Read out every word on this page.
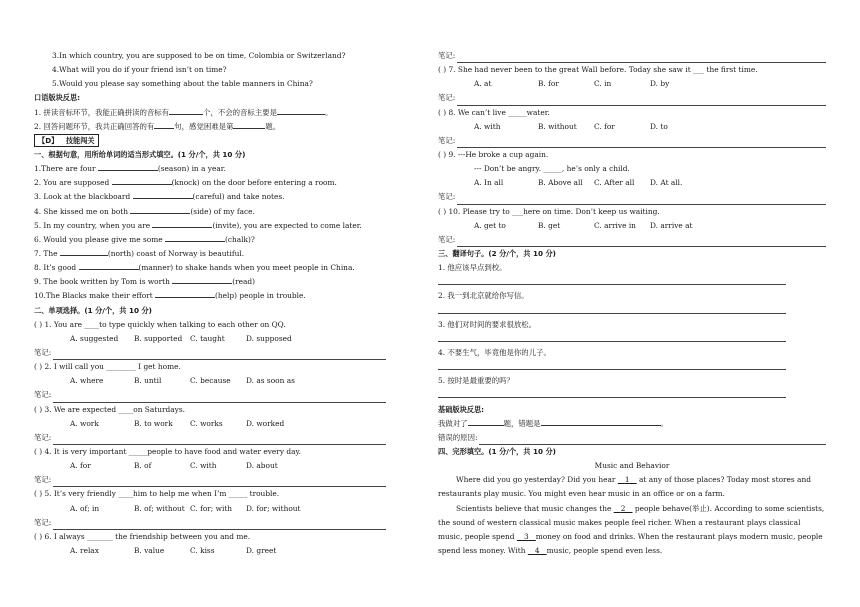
3.In which country, you are supposed to be on time, Colombia or Switzerland?
4.What will you do if your friend isn’t on time?
5.Would you please say something about the table manners in China?
口语版块反思:
1. 拼读音标环节，我能正确拼读的音标有	个，不会的音标主要是	。
2. 回答问题环节，我共正确回答的有	句，感觉困难是第	题。
【D】 技能闯关
一、根据句意，用所给单词的适当形式填空。(1 分/个，共 10 分)
1.There are four	(season) in a year.
2. You are supposed	(knock) on the door before entering a room.
3. Look at the blackboard	(careful) and take notes.
4. She kissed me on both	(side) of my face.
5. In my country, when you are	(invite), you are expected to come later.
6. Would you please give me some	(chalk)?
7. The	(north) coast of Norway is beautiful.
8. It’s good	(manner) to shake hands when you meet people in China.
9. The book written by Tom is worth	(read)
10.The Blacks make their effort	(help) people in trouble.
二、单项选择。(1 分/个，共 10 分)
( ) 1. You are ____to type quickly when talking to each other on QQ.
A. suggested	B. supported	C. taught	D. supposed
笔记:
( ) 2. I will call you ________ I get home.
A. where	B. until	C. because	D. as soon as
笔记:
( ) 3. We are expected ____on Saturdays.
A. work	B. to work	C. works	D. worked
笔记:
( ) 4. It is very important _____people to have food and water every day.
A. for	B. of	C. with	D. about
笔记:
( ) 5. It’s very friendly ____him to help me when I’m _____ trouble.
A. of; in	B. of; without C. for; with	D. for; without
笔记:
( ) 6. I always _______ the friendship between you and me.
A. relax	B. value	C. kiss	D. greet
笔记:
( ) 7. She had never been to the great Wall before. Today she saw it ___ the first time.
A. at	B. for	C. in	D. by
笔记:
( ) 8. We can’t live _____water.
A. with	B. without	C. for	D. to
笔记:
( ) 9. ---He broke a cup again.
--- Don’t be angry. _____, he’s only a child.
A. In all	B. Above all	C. After all	D. At all.
笔记:
( ) 10. Please try to ___here on time. Don’t keep us waiting.
A. get to	B. get	C. arrive in	D. arrive at
笔记:
三、翻译句子。(2 分/个，共 10 分)
1. 他应该早点到校。
2. 我一到北京就给你写信。
3. 他们对时间的要求很放松。
4. 不要生气，毕竟他是你的儿子。
5. 按时是最重要的吗？
基础版块反思:
我做对了	题，错题是	。
错误的原因:
四、完形填空。(1 分/个，共 10 分)
Music and Behavior
Where did you go yesterday? Did you hear 1 at any of those places? Today most stores and restaurants play music. You might even hear music in an office or on a farm.
Scientists believe that music changes the 2 people behave(举止). According to some scientists, the sound of western classical music makes people feel richer. When a restaurant plays classical music, people spend 3 money on food and drinks. When the restaurant plays modern music, people spend less money. With 4 music, people spend even less.
